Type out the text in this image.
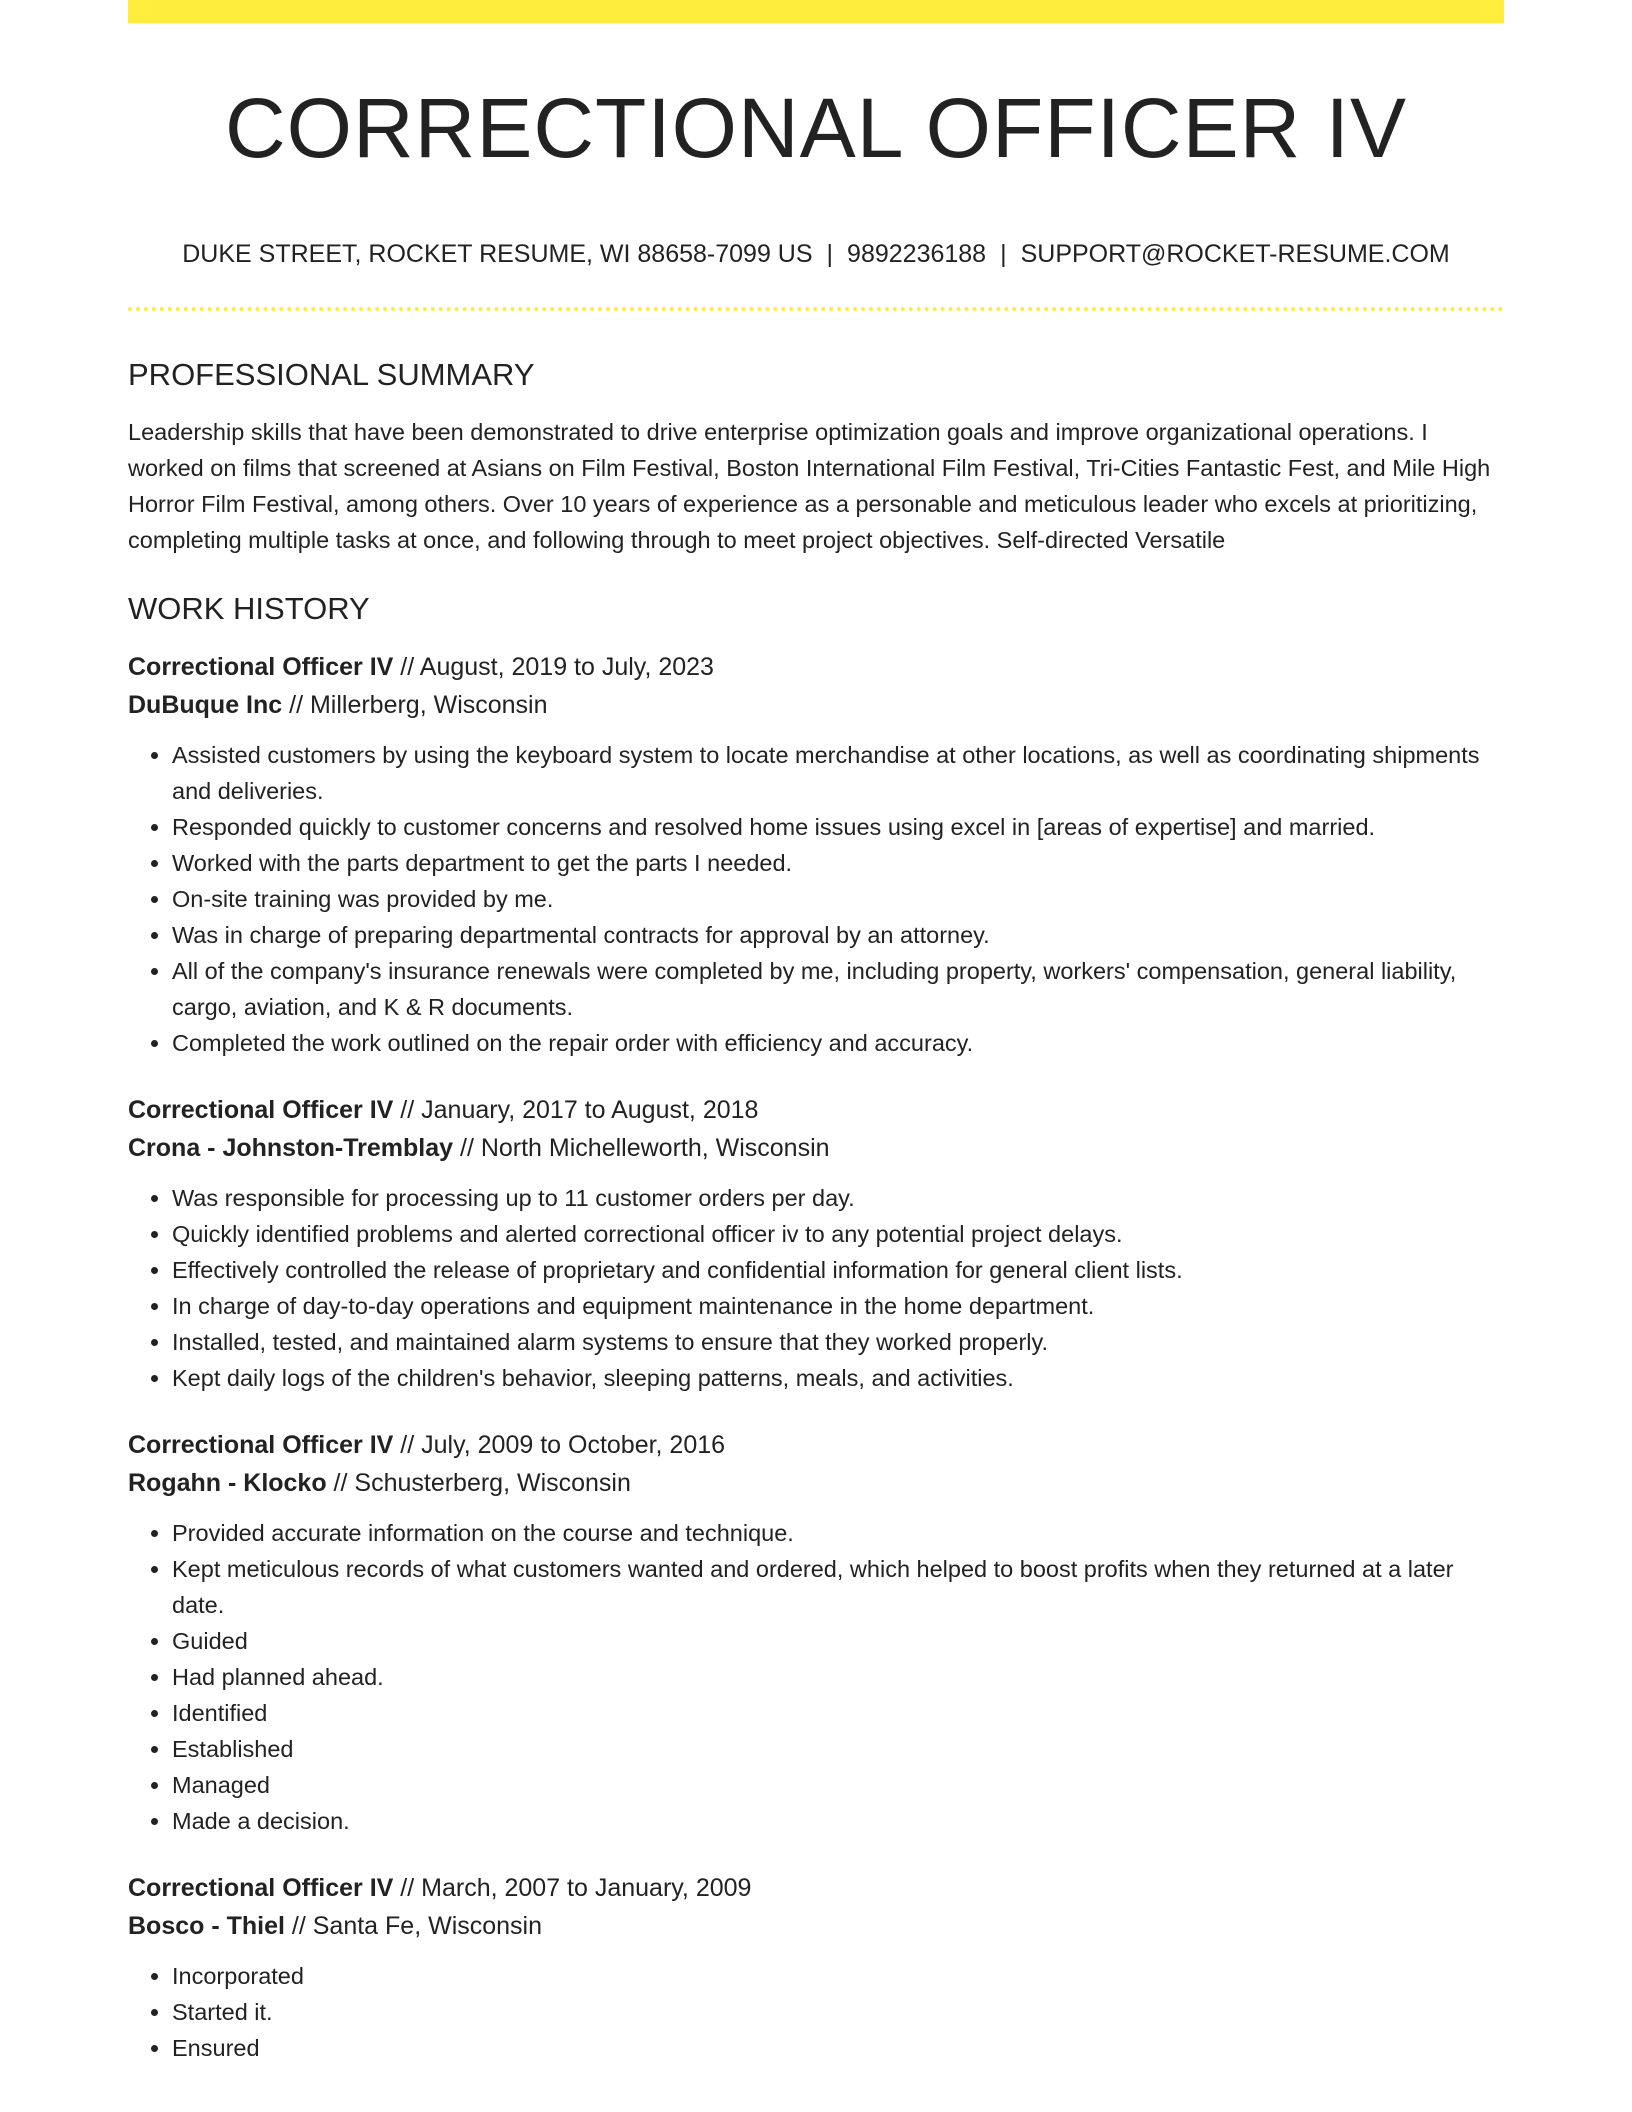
CORRECTIONAL OFFICER IV
DUKE STREET, ROCKET RESUME, WI 88658-7099 US | 9892236188 | SUPPORT@ROCKET-RESUME.COM
PROFESSIONAL SUMMARY

Leadership skills that have been demonstrated to drive enterprise optimization goals and improve organizational operations. I worked on films that screened at Asians on Film Festival, Boston International Film Festival, Tri-Cities Fantastic Fest, and Mile High Horror Film Festival, among others. Over 10 years of experience as a personable and meticulous leader who excels at prioritizing, completing multiple tasks at once, and following through to meet project objectives. Self-directed Versatile

WORK HISTORY
Correctional Officer IV // August, 2019 to July, 2023
DuBuque Inc // Millerberg, Wisconsin
• Assisted customers by using the keyboard system to locate merchandise at other locations, as well as coordinating shipments and deliveries.
• Responded quickly to customer concerns and resolved home issues using excel in [areas of expertise] and married.
• Worked with the parts department to get the parts I needed.
• On-site training was provided by me.
• Was in charge of preparing departmental contracts for approval by an attorney.
• All of the company's insurance renewals were completed by me, including property, workers' compensation, general liability, cargo, aviation, and K & R documents.
• Completed the work outlined on the repair order with efficiency and accuracy.
Correctional Officer IV // January, 2017 to August, 2018
Crona - Johnston-Tremblay // North Michelleworth, Wisconsin
• Was responsible for processing up to 11 customer orders per day.
• Quickly identified problems and alerted correctional officer iv to any potential project delays.
• Effectively controlled the release of proprietary and confidential information for general client lists.
• In charge of day-to-day operations and equipment maintenance in the home department.
• Installed, tested, and maintained alarm systems to ensure that they worked properly.
• Kept daily logs of the children's behavior, sleeping patterns, meals, and activities.
Correctional Officer IV // July, 2009 to October, 2016
Rogahn - Klocko // Schusterberg, Wisconsin
• Provided accurate information on the course and technique.
• Kept meticulous records of what customers wanted and ordered, which helped to boost profits when they returned at a later date.
• Guided
• Had planned ahead.
• Identified
• Established
• Managed
• Made a decision.
Correctional Officer IV // March, 2007 to January, 2009
Bosco - Thiel // Santa Fe, Wisconsin
• Incorporated
• Started it.
• Ensured
